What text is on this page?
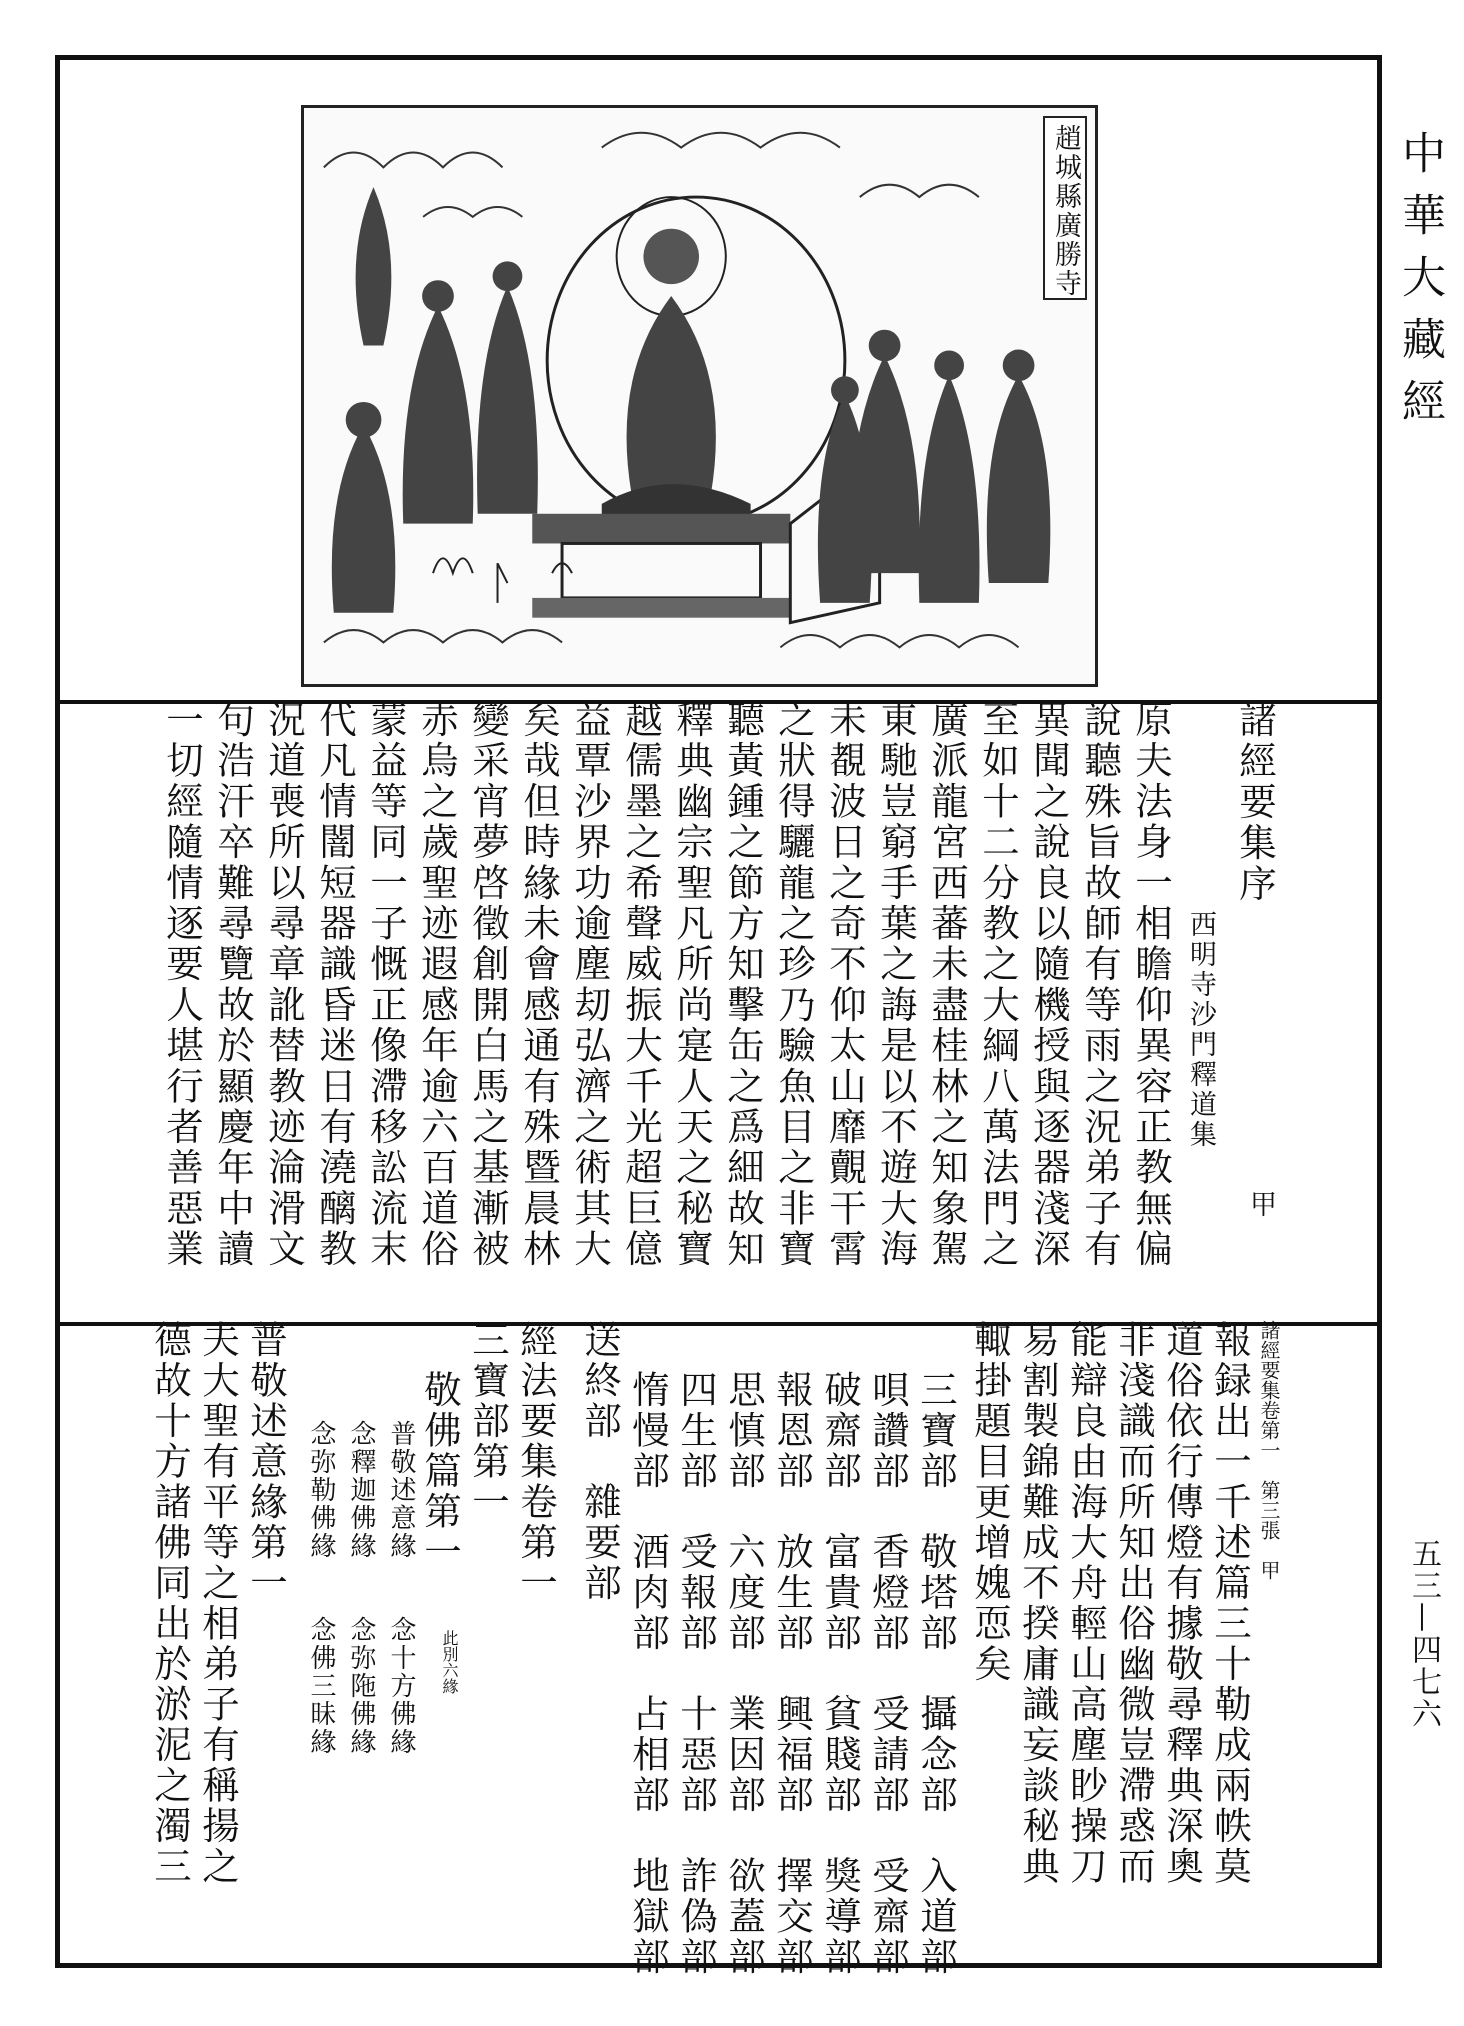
中華大藏經
五三—四七六
趙城縣廣勝寺
諸經要集序
西明寺沙門釋道集
甲
原夫法身一相瞻仰異容正教無偏
說聽殊旨故師有等雨之況弟子有
異聞之說良以隨機授與逐器淺深
至如十二分教之大綱八萬法門之
廣派龍宮西蕃未盡桂林之知象駕
東馳豈窮手葉之誨是以不遊大海
未覩波日之奇不仰太山靡覿干霄
之狀得驪龍之珍乃驗魚目之非寶
聽黃鍾之節方知擊缶之爲細故知
釋典幽宗聖凡所尚寔人天之秘寶
越儒墨之希聲威振大千光超巨億
益覃沙界功逾塵刧弘濟之術其大
矣哉但時緣未會感通有殊暨晨林
變采宵夢啓徵創開白馬之基漸被
赤烏之歲聖迹遐感年逾六百道俗
蒙益等同一子慨正像滯移訟流末
代凡情闇短器識昏迷日有澆醨教
況道喪所以尋章訛替教迹淪滑文
句浩汗卒難尋覽故於顯慶年中讀
一切經隨情逐要人堪行者善惡業
諸經要集卷第一　第三張　甲
報録出一千述篇三十勒成兩帙莫
道俗依行傳燈有據敬尋釋典深奧
非淺識而所知出俗幽微豈滯惑而
能辯良由海大舟輕山高塵眇操刀
易割製錦難成不揆庸識妄談秘典
輙掛題目更增媿恧矣
三寶部　敬塔部　攝念部　入道部
唄讚部　香燈部　受請部　受齋部
破齋部　富貴部　貧賤部　獎導部
報恩部　放生部　興福部　擇交部
思慎部　六度部　業因部　欲蓋部
四生部　受報部　十惡部　詐偽部
惰慢部　酒肉部　占相部　地獄部
送終部　雜要部
經法要集卷第一
三寶部第一
敬佛篇第一
此別六緣
普敬述意緣　　念十方佛緣
念釋迦佛緣　　念弥陁佛緣
念弥勒佛緣　　念佛三昧緣
普敬述意緣第一
夫大聖有平等之相弟子有稱揚之
德故十方諸佛同出於淤泥之濁三
